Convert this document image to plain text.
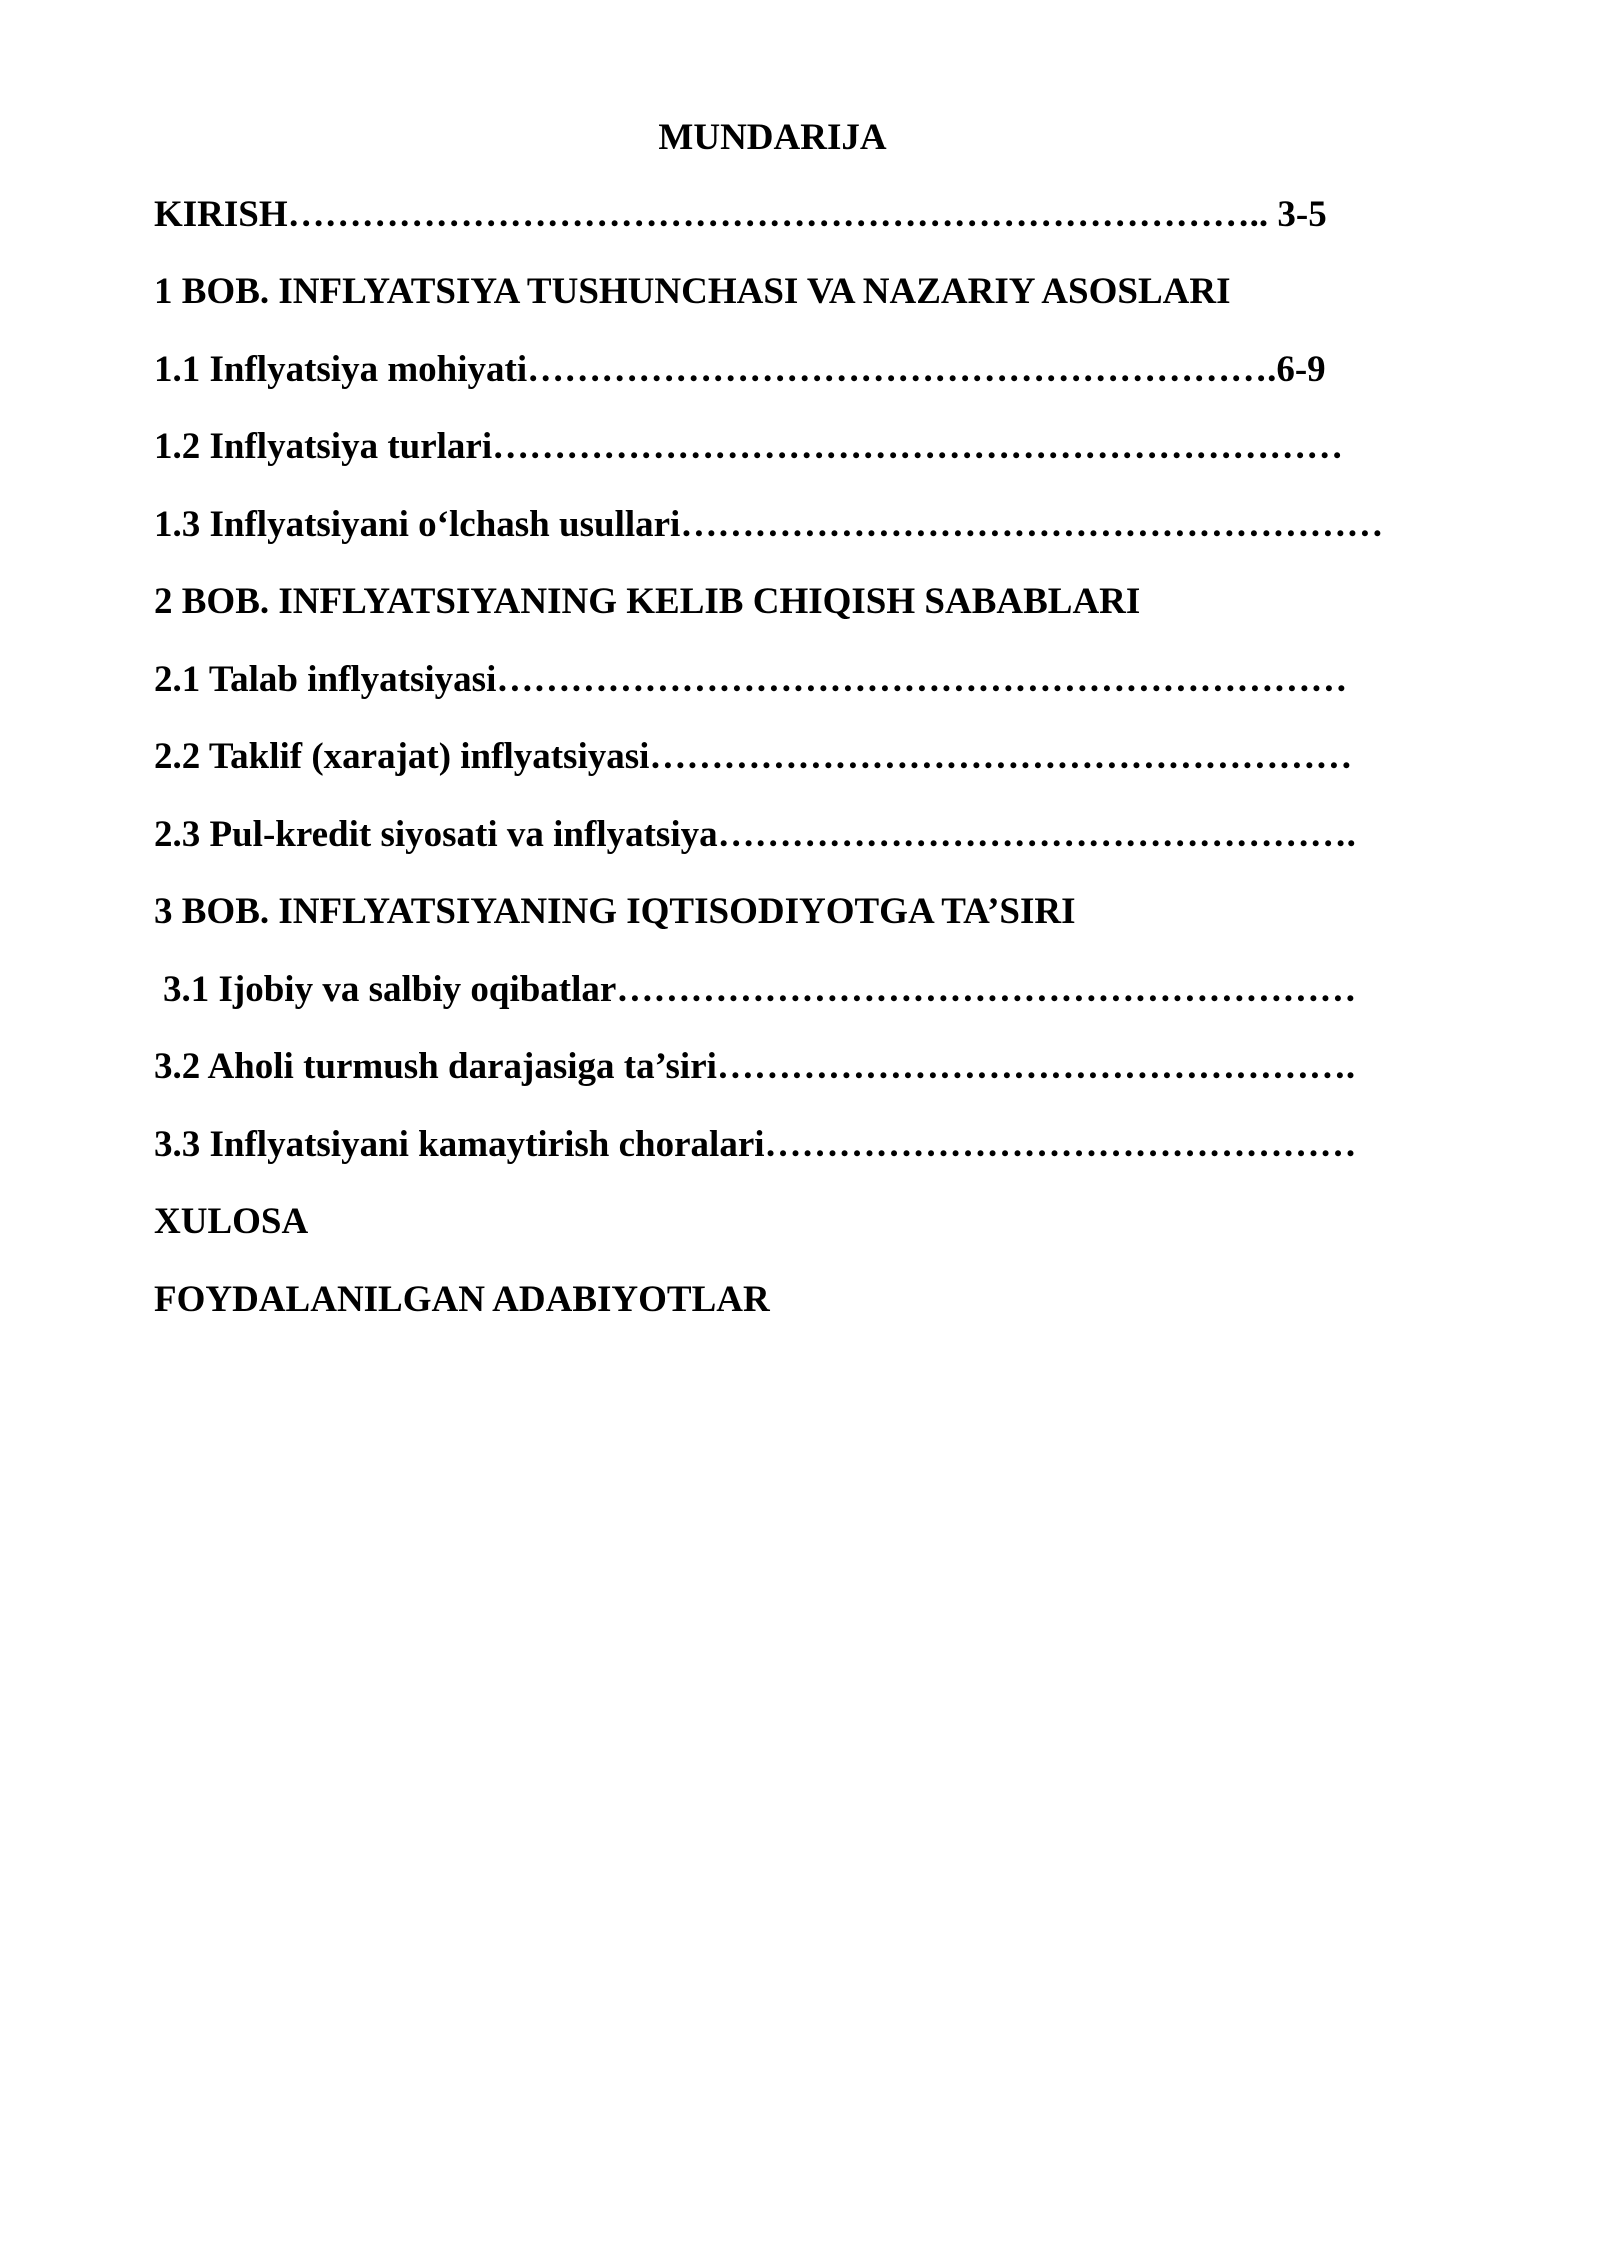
MUNDARIJA
KIRISH…………………………………………………………………….. 3-5
1 BOB. INFLYATSIYA TUSHUNCHASI VA NAZARIY ASOSLARI
1.1 Inflyatsiya mohiyati…………………………………………………….6-9
1.2 Inflyatsiya turlari……………………………………………………………
1.3 Inflyatsiyani o‘lchash usullari…………………………………………………
2 BOB. INFLYATSIYANING KELIB CHIQISH SABABLARI
2.1 Talab inflyatsiyasi……………………………………………………………
2.2 Taklif (xarajat) inflyatsiyasi…………………………………………………
2.3 Pul-kredit siyosati va inflyatsiya…………………………………………….
3 BOB. INFLYATSIYANING IQTISODIYOTGA TA’SIRI
3.1 Ijobiy va salbiy oqibatlar……………………………………………………
3.2 Aholi turmush darajasiga ta’siri…………………………………………….
3.3 Inflyatsiyani kamaytirish choralari…………………………………………
XULOSA
FOYDALANILGAN ADABIYOTLAR
